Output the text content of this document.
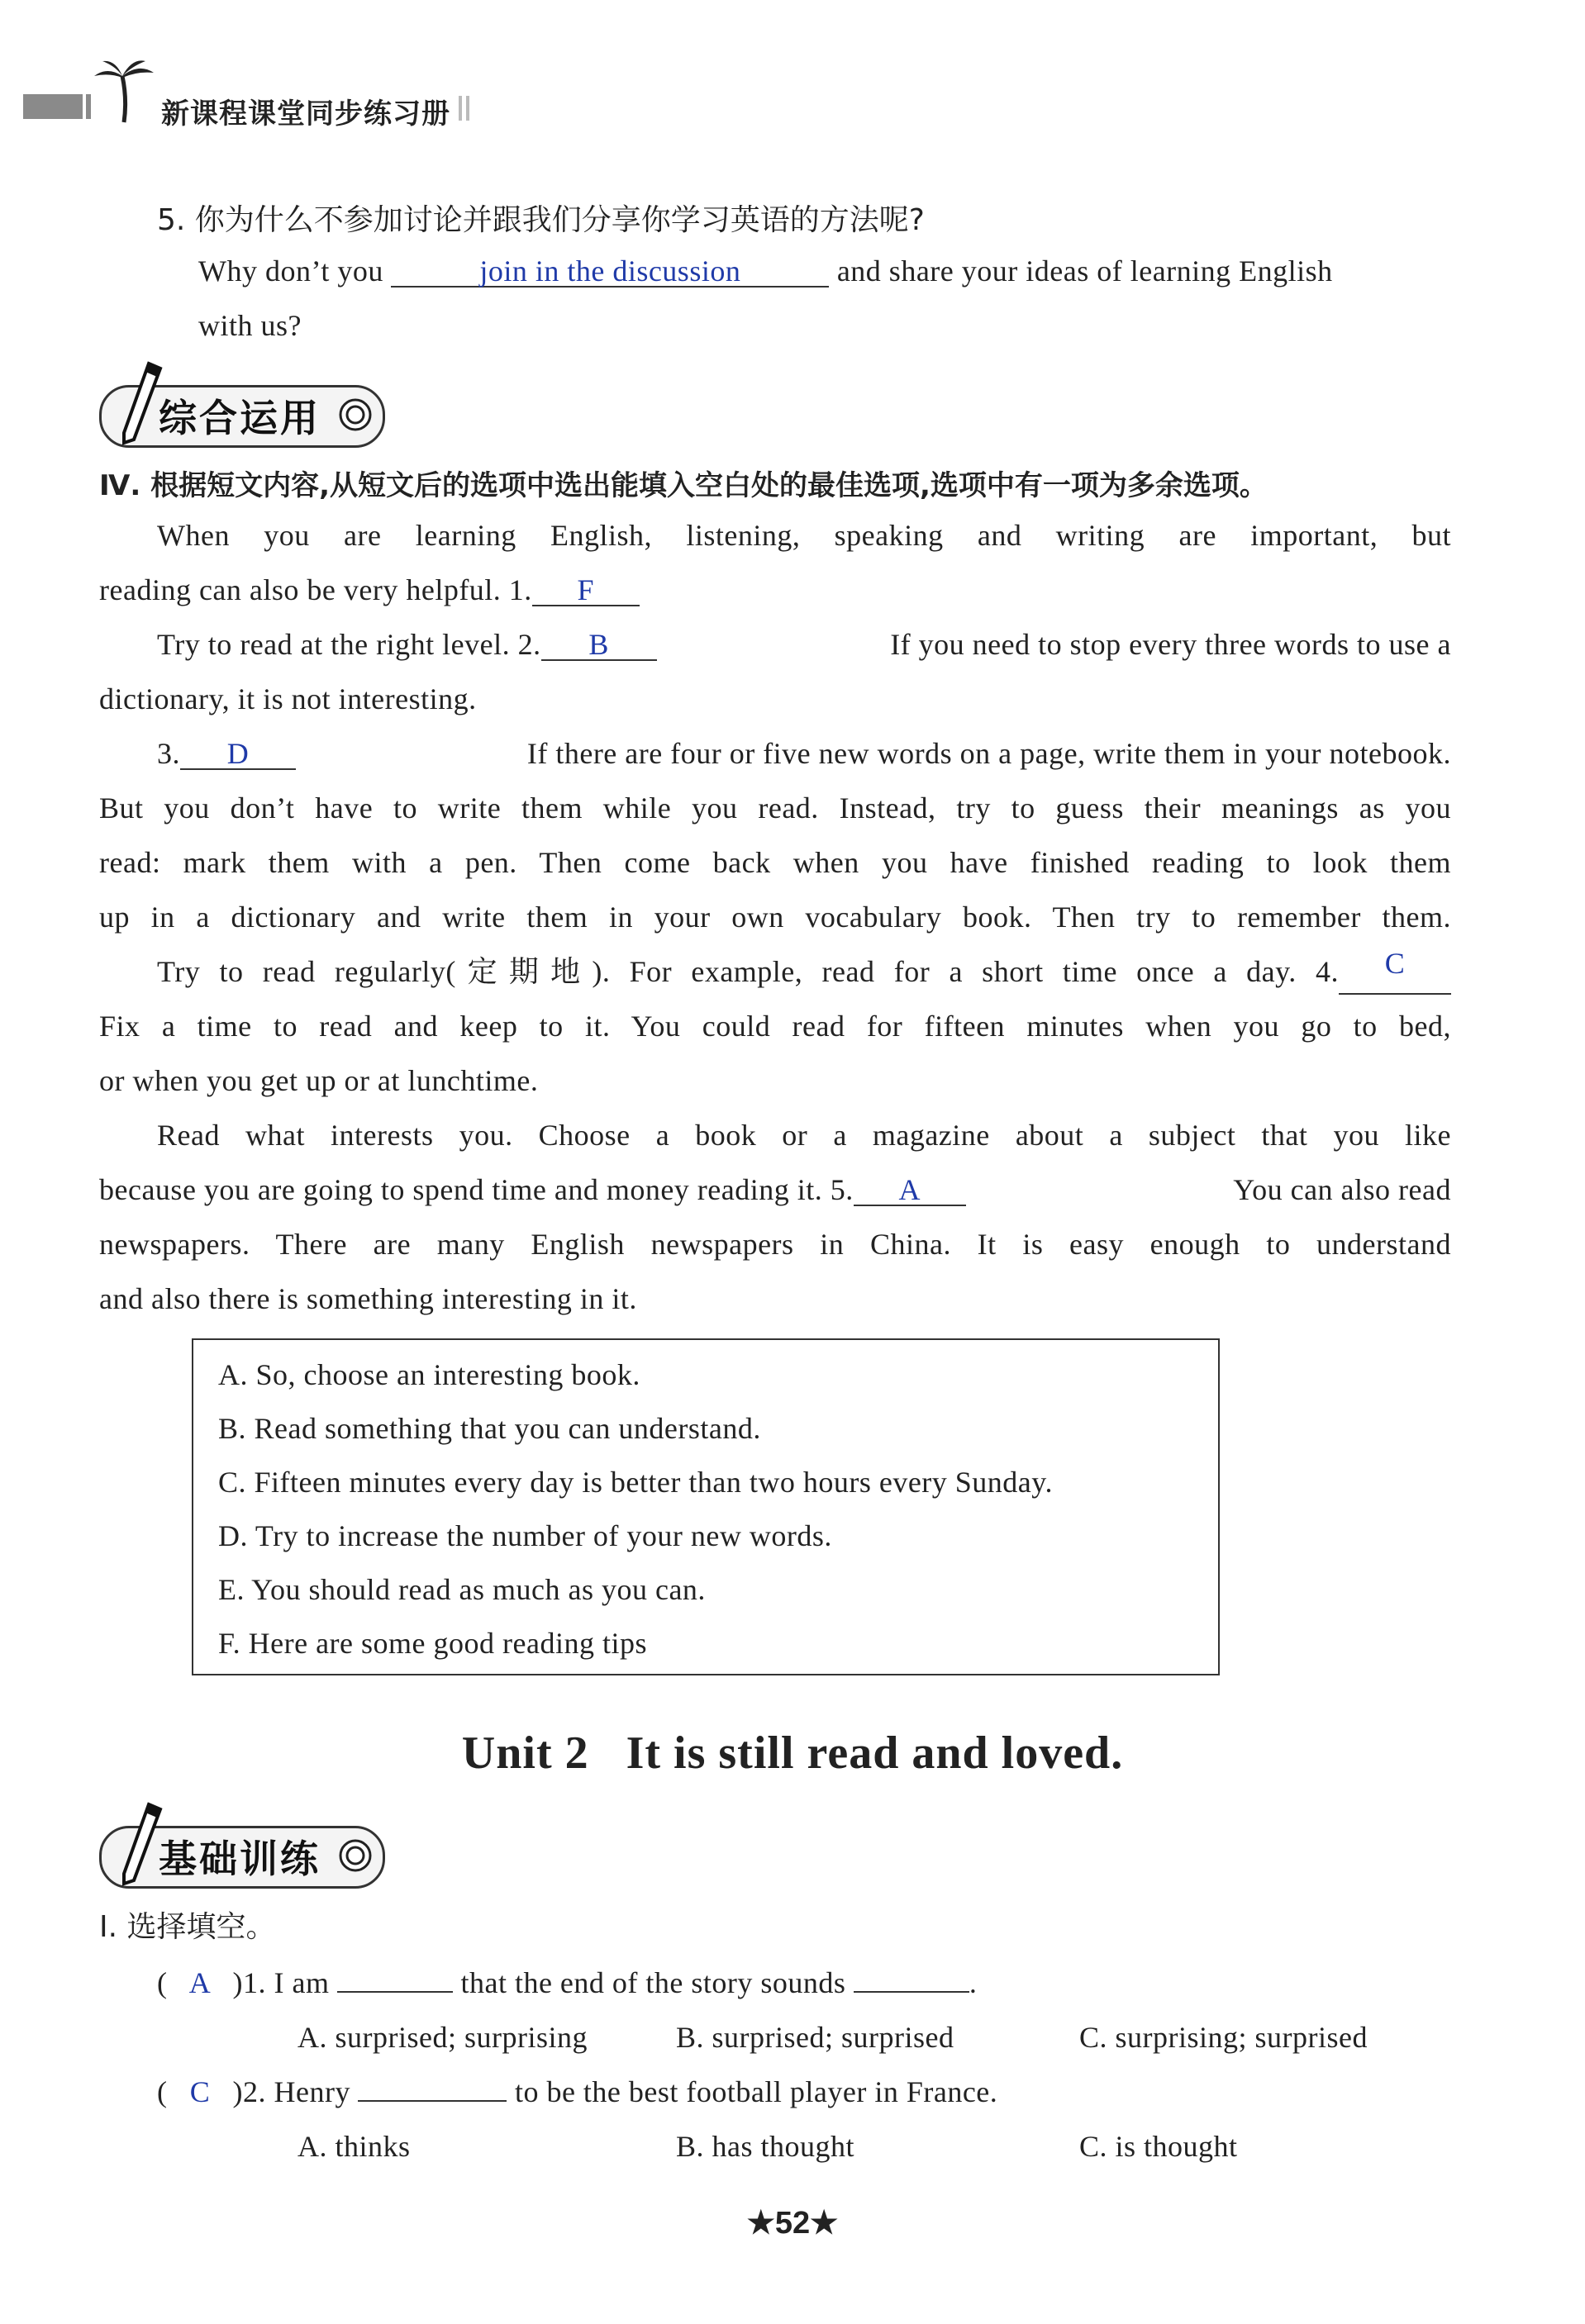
新课程课堂同步练习册
5. 你为什么不参加讨论并跟我们分享你学习英语的方法呢?
Why don’t you	join in the discussion	and share your ideas of learning English
with us?
综合运用
Ⅳ. 根据短文内容,从短文后的选项中选出能填入空白处的最佳选项,选项中有一项为多余选项。
When you are learning English, listening, speaking and writing are important, but
reading can also be very helpful. 1. F
Try to read at the right level. 2. B	If you need to stop every three words to use a
dictionary, it is not interesting.
3. D	If there are four or five new words on a page, write them in your notebook.
But you don’t have to write them while you read. Instead, try to guess their meanings as you
read: mark them with a pen. Then come back when you have finished reading to look them
up in a dictionary and write them in your own vocabulary book. Then try to remember them.
Try to read regularly(定期地). For example, read for a short time once a day. 4.	C
Fix a time to read and keep to it. You could read for fifteen minutes when you go to bed,
or when you get up or at lunchtime.
Read what interests you. Choose a book or a magazine about a subject that you like
because you are going to spend time and money reading it. 5. A	You can also read
newspapers. There are many English newspapers in China. It is easy enough to understand
and also there is something interesting in it.
A. So, choose an interesting book.
B. Read something that you can understand.
C. Fifteen minutes every day is better than two hours every Sunday.
D. Try to increase the number of your new words.
E. You should read as much as you can.
F. Here are some good reading tips
Unit 2   It is still read and loved.
基础训练
Ⅰ. 选择填空。
( A )1. I am	that the end of the story sounds	.
A. surprised; surprising	B. surprised; surprised	C. surprising; surprised
( C )2. Henry	to be the best football player in France.
A. thinks	B. has thought	C. is thought
★52★
